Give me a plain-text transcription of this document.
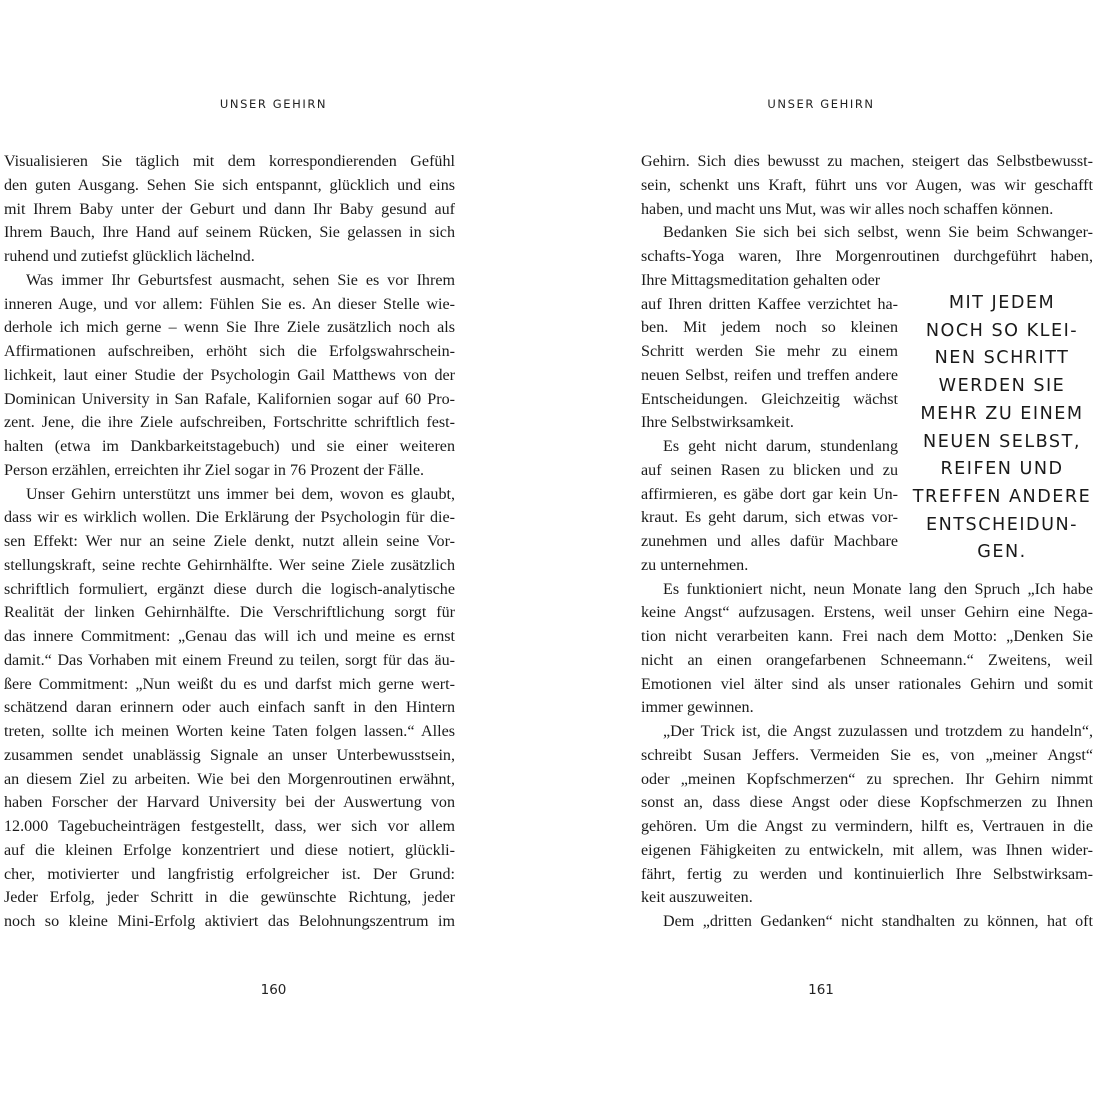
UNSER GEHIRN
Visualisieren Sie täglich mit dem korrespondierenden Gefühl
den guten Ausgang. Sehen Sie sich entspannt, glücklich und eins
mit Ihrem Baby unter der Geburt und dann Ihr Baby gesund auf
Ihrem Bauch, Ihre Hand auf seinem Rücken, Sie gelassen in sich
ruhend und zutiefst glücklich lächelnd.
Was immer Ihr Geburtsfest ausmacht, sehen Sie es vor Ihrem
inneren Auge, und vor allem: Fühlen Sie es. An dieser Stelle wie-
derhole ich mich gerne – wenn Sie Ihre Ziele zusätzlich noch als
Affirmationen aufschreiben, erhöht sich die Erfolgswahrschein-
lichkeit, laut einer Studie der Psychologin Gail Matthews von der
Dominican University in San Rafale, Kalifornien sogar auf 60 Pro-
zent. Jene, die ihre Ziele aufschreiben, Fortschritte schriftlich fest-
halten (etwa im Dankbarkeitstagebuch) und sie einer weiteren
Person erzählen, erreichten ihr Ziel sogar in 76 Prozent der Fälle.
Unser Gehirn unterstützt uns immer bei dem, wovon es glaubt,
dass wir es wirklich wollen. Die Erklärung der Psychologin für die-
sen Effekt: Wer nur an seine Ziele denkt, nutzt allein seine Vor-
stellungskraft, seine rechte Gehirnhälfte. Wer seine Ziele zusätzlich
schriftlich formuliert, ergänzt diese durch die logisch-analytische
Realität der linken Gehirnhälfte. Die Verschriftlichung sorgt für
das innere Commitment: „Genau das will ich und meine es ernst
damit.“ Das Vorhaben mit einem Freund zu teilen, sorgt für das äu-
ßere Commitment: „Nun weißt du es und darfst mich gerne wert-
schätzend daran erinnern oder auch einfach sanft in den Hintern
treten, sollte ich meinen Worten keine Taten folgen lassen.“ Alles
zusammen sendet unablässig Signale an unser Unterbewusstsein,
an diesem Ziel zu arbeiten. Wie bei den Morgenroutinen erwähnt,
haben Forscher der Harvard University bei der Auswertung von
12.000 Tagebucheinträgen festgestellt, dass, wer sich vor allem
auf die kleinen Erfolge konzentriert und diese notiert, glückli-
cher, motivierter und langfristig erfolgreicher ist. Der Grund:
Jeder Erfolg, jeder Schritt in die gewünschte Richtung, jeder
noch so kleine Mini-Erfolg aktiviert das Belohnungszentrum im
160
UNSER GEHIRN
Gehirn. Sich dies bewusst zu machen, steigert das Selbstbewusst-
sein, schenkt uns Kraft, führt uns vor Augen, was wir geschafft
haben, und macht uns Mut, was wir alles noch schaffen können.
Bedanken Sie sich bei sich selbst, wenn Sie beim Schwanger-
schafts-Yoga waren, Ihre Morgenroutinen durchgeführt haben,
Ihre Mittagsmeditation gehalten oder
auf Ihren dritten Kaffee verzichtet ha-
ben. Mit jedem noch so kleinen
Schritt werden Sie mehr zu einem
neuen Selbst, reifen und treffen andere
Entscheidungen. Gleichzeitig wächst
Ihre Selbstwirksamkeit.
Es geht nicht darum, stundenlang
auf seinen Rasen zu blicken und zu
affirmieren, es gäbe dort gar kein Un-
kraut. Es geht darum, sich etwas vor-
zunehmen und alles dafür Machbare
zu unternehmen.
Es funktioniert nicht, neun Monate lang den Spruch „Ich habe
keine Angst“ aufzusagen. Erstens, weil unser Gehirn eine Nega-
tion nicht verarbeiten kann. Frei nach dem Motto: „Denken Sie
nicht an einen orangefarbenen Schneemann.“ Zweitens, weil
Emotionen viel älter sind als unser rationales Gehirn und somit
immer gewinnen.
„Der Trick ist, die Angst zuzulassen und trotzdem zu handeln“,
schreibt Susan Jeffers. Vermeiden Sie es, von „meiner Angst“
oder „meinen Kopfschmerzen“ zu sprechen. Ihr Gehirn nimmt
sonst an, dass diese Angst oder diese Kopfschmerzen zu Ihnen
gehören. Um die Angst zu vermindern, hilft es, Vertrauen in die
eigenen Fähigkeiten zu entwickeln, mit allem, was Ihnen wider-
fährt, fertig zu werden und kontinuierlich Ihre Selbstwirksam-
keit auszuweiten.
Dem „dritten Gedanken“ nicht standhalten zu können, hat oft
MIT JEDEM
NOCH SO KLEI-
NEN SCHRITT
WERDEN SIE
MEHR ZU EINEM
NEUEN SELBST,
REIFEN UND
TREFFEN ANDERE
ENTSCHEIDUN-
GEN.
161
